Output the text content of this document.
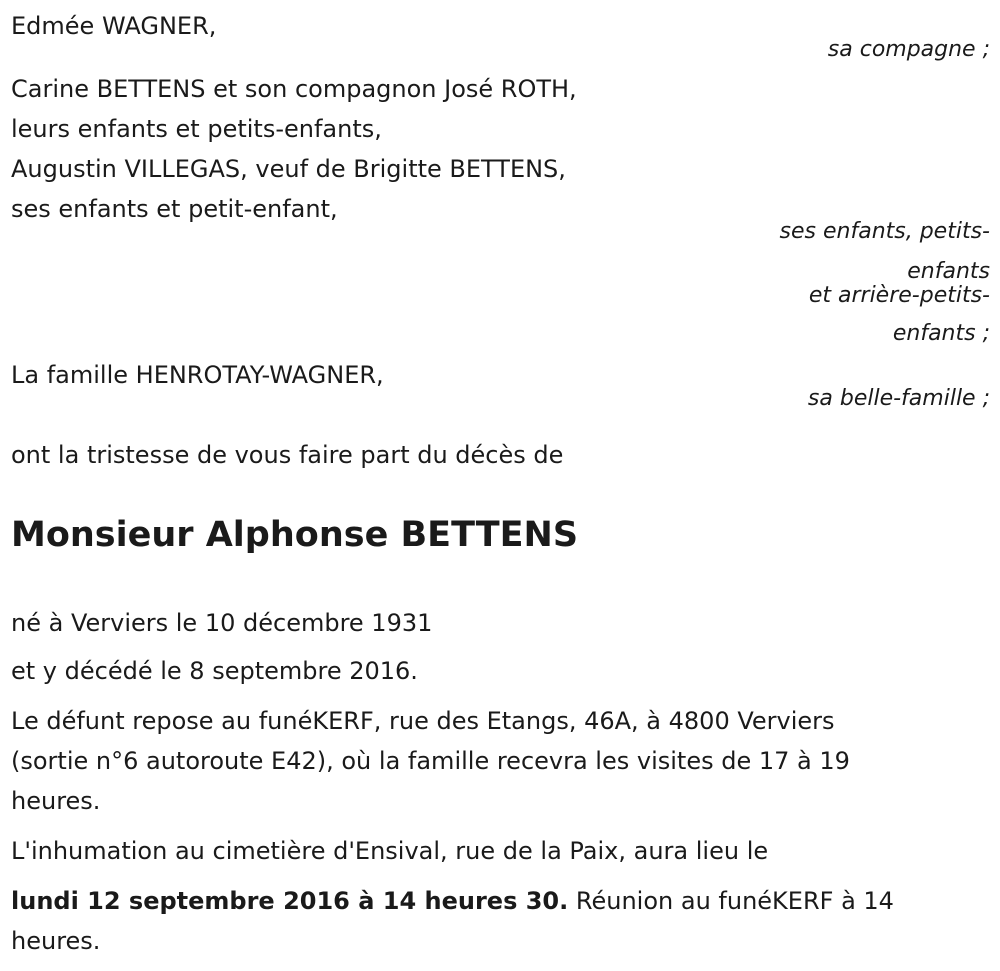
Edmée WAGNER,
sa compagne ;
Carine BETTENS et son compagnon José ROTH,
leurs enfants et petits-enfants,
Augustin VILLEGAS, veuf de Brigitte BETTENS,
ses enfants et petit-enfant,
ses enfants, petits-
enfants
et arrière-petits-
enfants ;
La famille HENROTAY-WAGNER,
sa belle-famille ;
ont la tristesse de vous faire part du décès de
Monsieur Alphonse BETTENS
né à Verviers le 10 décembre 1931
et y décédé le 8 septembre 2016.
Le défunt repose au funéKERF, rue des Etangs, 46A, à 4800 Verviers
(sortie n°6 autoroute E42), où la famille recevra les visites de 17 à 19
heures.
L'inhumation au cimetière d'Ensival, rue de la Paix, aura lieu le
lundi 12 septembre 2016 à 14 heures 30. Réunion au funéKERF à 14
heures.
